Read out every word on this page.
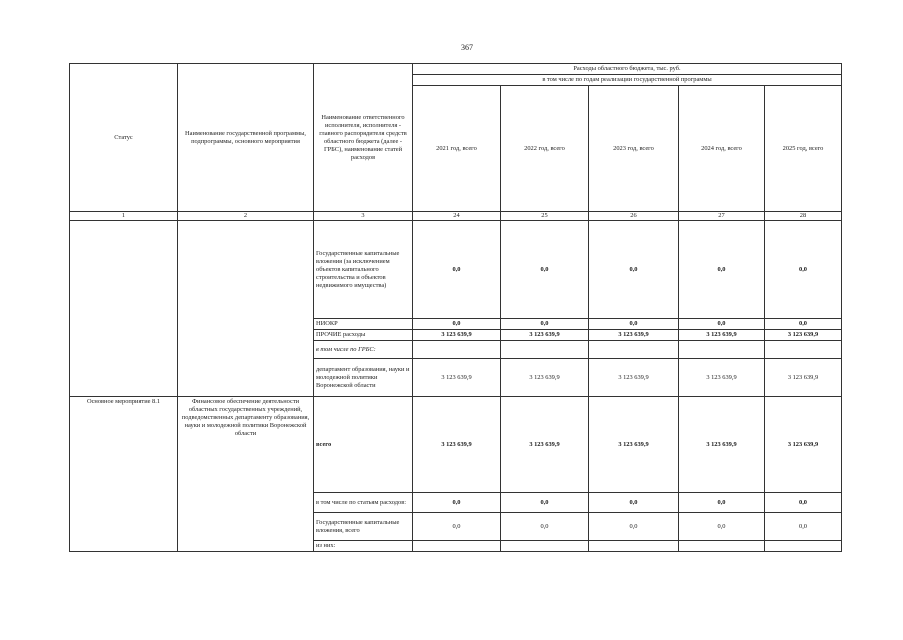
367
Статус	Наименование государственной программы, подпрограммы, основного мероприятия	Наименование ответственного исполнителя, исполнителя - главного распорядителя средств областного бюджета (далее - ГРБС), наименование статей расходов	Расходы областного бюджета, тыс. руб.				
			в том числе по годам реализации государственной программы				
			2021 год, всего	2022 год, всего	2023 год, всего	2024 год, всего	2025 год, всего
1	2	3	24	25	26	27	28
		Государственные капитальные вложения (за исключением объектов капитального строительства и объектов недвижимого имущества)	0,0	0,0	0,0	0,0	0,0
		НИОКР	0,0	0,0	0,0	0,0	0,0
		ПРОЧИЕ расходы	3 123 639,9	3 123 639,9	3 123 639,9	3 123 639,9	3 123 639,9
		в том числе по ГРБС:					
		департамент образования, науки и молодежной политики Воронежской области	3 123 639,9	3 123 639,9	3 123 639,9	3 123 639,9	3 123 639,9
Основное мероприятие 8.1	Финансовое обеспечение деятельности областных государственных учреждений, подведомственных департаменту образования, науки и молодежной политики Воронежской области	всего	3 123 639,9	3 123 639,9	3 123 639,9	3 123 639,9	3 123 639,9
		в том числе по статьям расходов:	0,0	0,0	0,0	0,0	0,0
		Государственные капитальные вложения, всего	0,0	0,0	0,0	0,0	0,0
		из них:					
